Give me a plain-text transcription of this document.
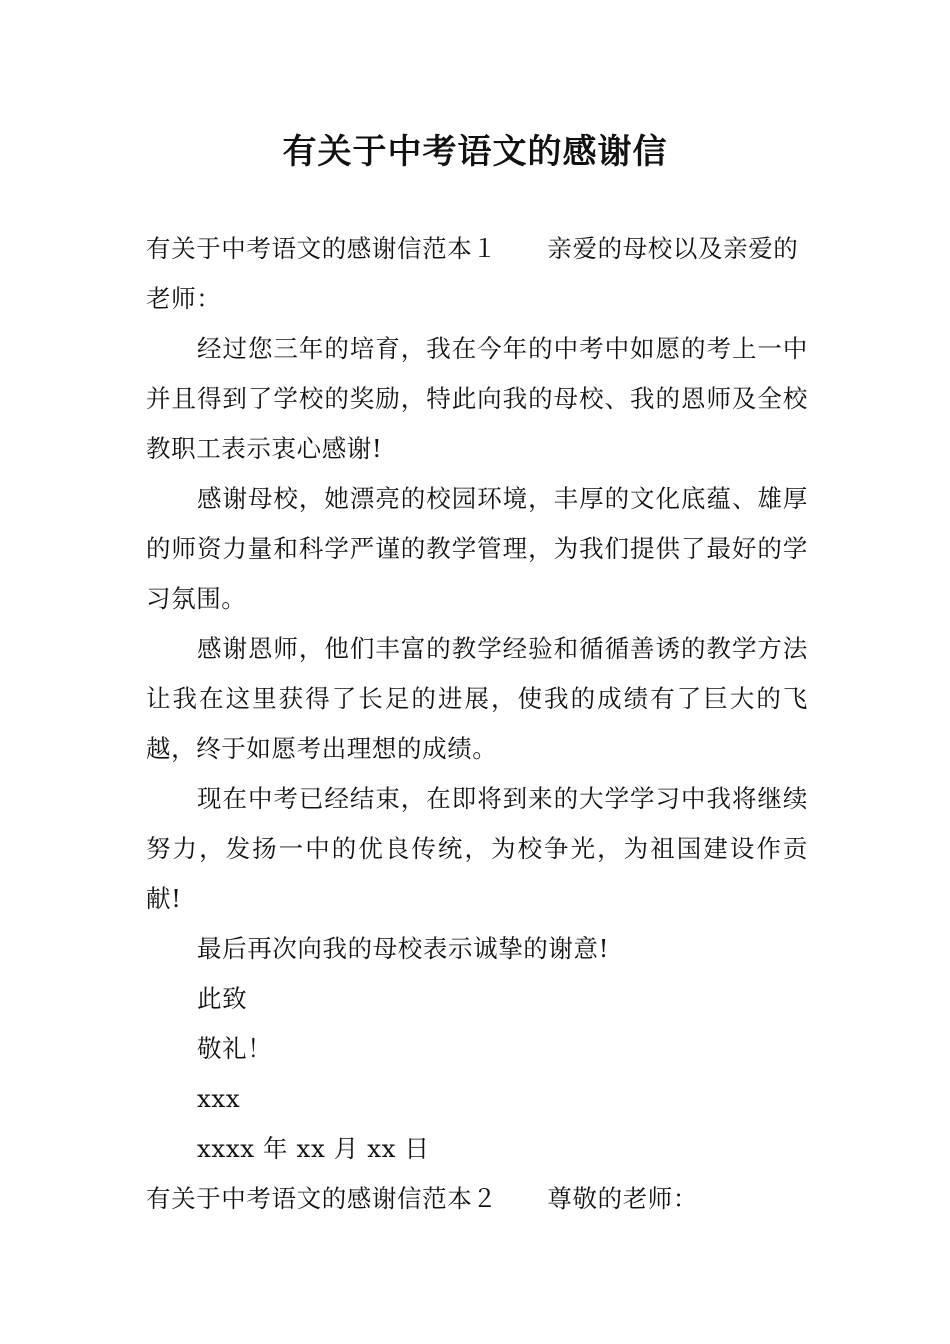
有关于中考语文的感谢信

有关于中考语文的感谢信范本１ 亲爱的母校以及亲爱的

老师：

经过您三年的培育，我在今年的中考中如愿的考上一中并且得到了学校的奖励，特此向我的母校、我的恩师及全校教职工表示衷心感谢!

感谢母校，她漂亮的校园环境，丰厚的文化底蕴、雄厚的师资力量和科学严谨的教学管理，为我们提供了最好的学习氛围。

感谢恩师，他们丰富的教学经验和循循善诱的教学方法让我在这里获得了长足的进展，使我的成绩有了巨大的飞越，终于如愿考出理想的成绩。

现在中考已经结束，在即将到来的大学学习中我将继续努力，发扬一中的优良传统，为校争光，为祖国建设作贡献!

最后再次向我的母校表示诚挚的谢意!

此致

敬礼！

xxx

xxxx 年 xx 月 xx 日

有关于中考语文的感谢信范本２ 尊敬的老师：
